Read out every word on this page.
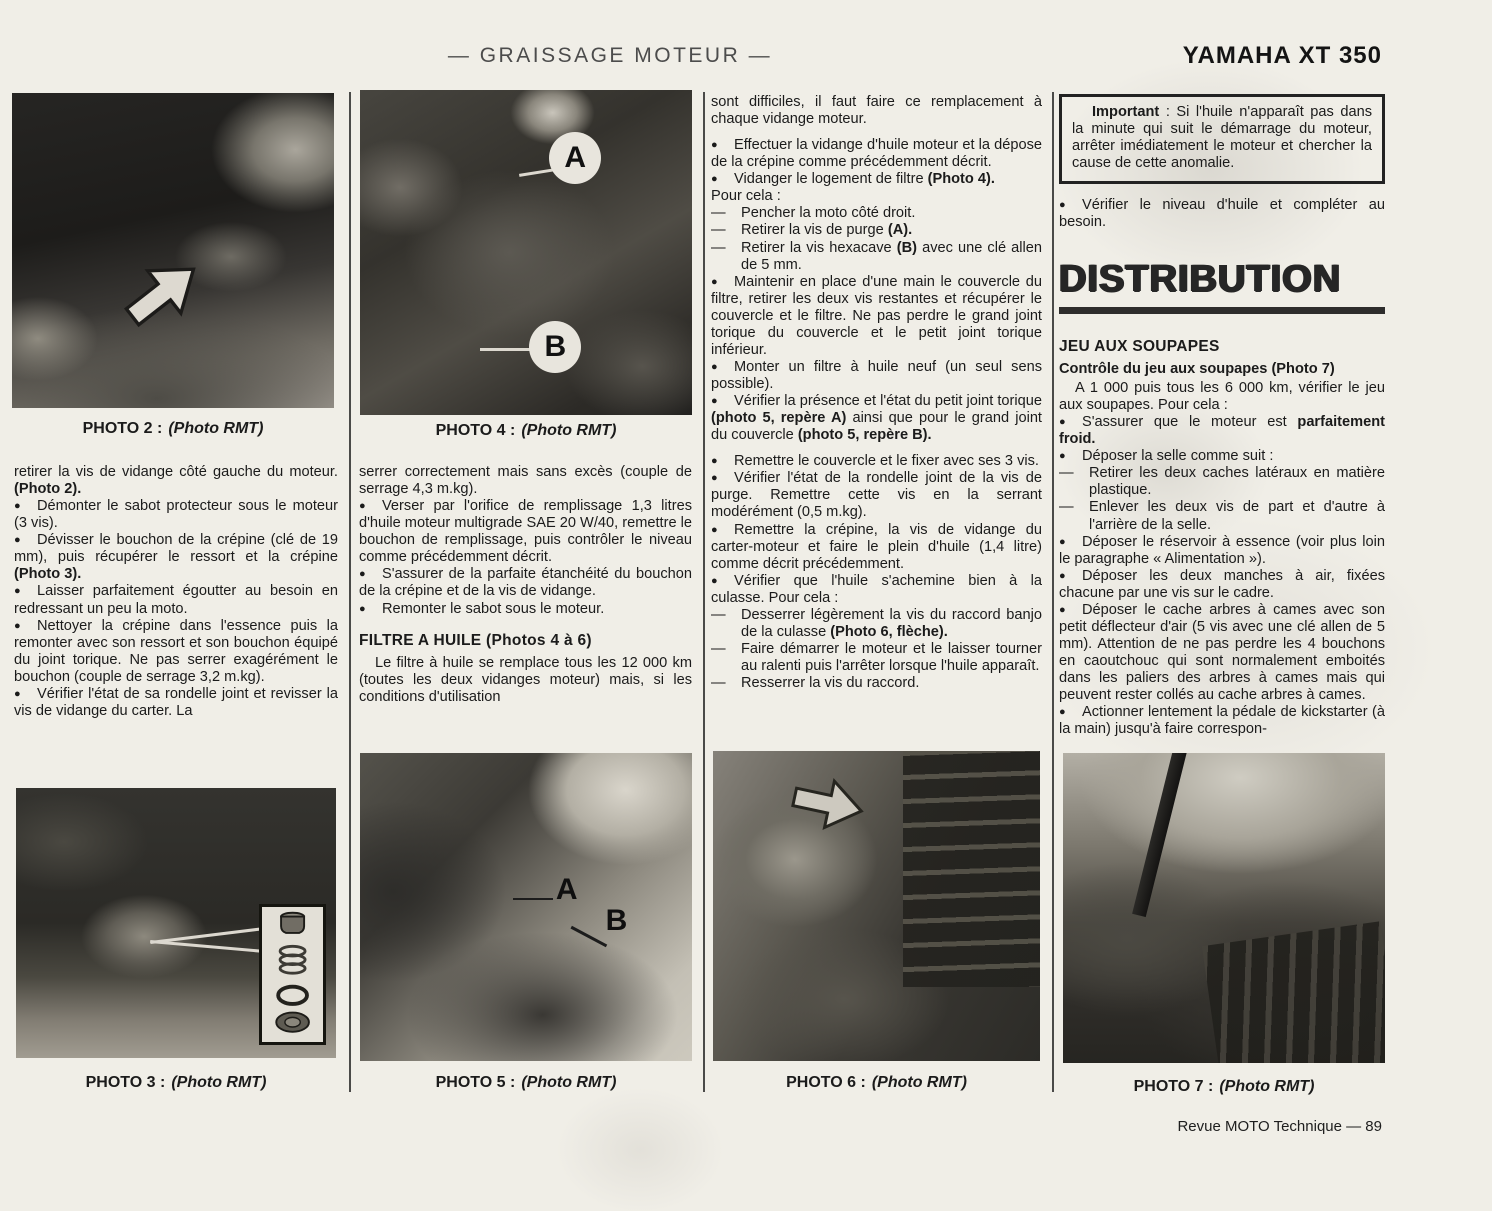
— GRAISSAGE MOTEUR —	YAMAHA XT 350
PHOTO 2 : (Photo RMT)
A
B
PHOTO 4 : (Photo RMT)
retirer la vis de vidange côté gauche du moteur. (Photo 2).
● Démonter le sabot protecteur sous le moteur (3 vis).
● Dévisser le bouchon de la crépine (clé de 19 mm), puis récupérer le ressort et la crépine (Photo 3).
● Laisser parfaitement égoutter au besoin en redressant un peu la moto.
● Nettoyer la crépine dans l'essence puis la remonter avec son ressort et son bouchon équipé du joint torique. Ne pas serrer exagérément le bouchon (couple de serrage 3,2 m.kg).
● Vérifier l'état de sa rondelle joint et revisser la vis de vidange du carter. La
serrer correctement mais sans excès (couple de serrage 4,3 m.kg).
● Verser par l'orifice de remplissage 1,3 litres d'huile moteur multigrade SAE 20 W/40, remettre le bouchon de remplissage, puis contrôler le niveau comme précédemment décrit.
● S'assurer de la parfaite étanchéité du bouchon de la crépine et de la vis de vidange.
● Remonter le sabot sous le moteur.
FILTRE A HUILE (Photos 4 à 6)
Le filtre à huile se remplace tous les 12 000 km (toutes les deux vidanges moteur) mais, si les conditions d'utilisation
sont difficiles, il faut faire ce remplacement à chaque vidange moteur.
● Effectuer la vidange d'huile moteur et la dépose de la crépine comme précédemment décrit.
● Vidanger le logement de filtre (Photo 4).
Pour cela :
— Pencher la moto côté droit.
— Retirer la vis de purge (A).
— Retirer la vis hexacave (B) avec une clé allen de 5 mm.
● Maintenir en place d'une main le couvercle du filtre, retirer les deux vis restantes et récupérer le couvercle et le filtre. Ne pas perdre le grand joint torique du couvercle et le petit joint torique inférieur.
● Monter un filtre à huile neuf (un seul sens possible).
● Vérifier la présence et l'état du petit joint torique (photo 5, repère A) ainsi que pour le grand joint du couvercle (photo 5, repère B).
● Remettre le couvercle et le fixer avec ses 3 vis.
● Vérifier l'état de la rondelle joint de la vis de purge. Remettre cette vis en la serrant modérément (0,5 m.kg).
● Remettre la crépine, la vis de vidange du carter-moteur et faire le plein d'huile (1,4 litre) comme décrit précédemment.
● Vérifier que l'huile s'achemine bien à la culasse. Pour cela :
— Desserrer légèrement la vis du raccord banjo de la culasse (Photo 6, flèche).
— Faire démarrer le moteur et le laisser tourner au ralenti puis l'arrêter lorsque l'huile apparaît.
— Resserrer la vis du raccord.
Important : Si l'huile n'apparaît pas dans la minute qui suit le démarrage du moteur, arrêter imédiatement le moteur et chercher la cause de cette anomalie.
● Vérifier le niveau d'huile et compléter au besoin.
DISTRIBUTION
JEU AUX SOUPAPES
Contrôle du jeu aux soupapes (Photo 7)
A 1 000 puis tous les 6 000 km, vérifier le jeu aux soupapes. Pour cela :
● S'assurer que le moteur est parfaitement froid.
● Déposer la selle comme suit :
— Retirer les deux caches latéraux en matière plastique.
— Enlever les deux vis de part et d'autre à l'arrière de la selle.
● Déposer le réservoir à essence (voir plus loin le paragraphe « Alimentation »).
● Déposer les deux manches à air, fixées chacune par une vis sur le cadre.
● Déposer le cache arbres à cames avec son petit déflecteur d'air (5 vis avec une clé allen de 5 mm). Attention de ne pas perdre les 4 bouchons en caoutchouc qui sont normalement emboités dans les paliers des arbres à cames mais qui peuvent rester collés au cache arbres à cames.
● Actionner lentement la pédale de kickstarter (à la main) jusqu'à faire correspon-
PHOTO 3 : (Photo RMT)
A
B
PHOTO 5 : (Photo RMT)	PHOTO 6 : (Photo RMT)	PHOTO 7 : (Photo RMT)
Revue MOTO Technique — 89
